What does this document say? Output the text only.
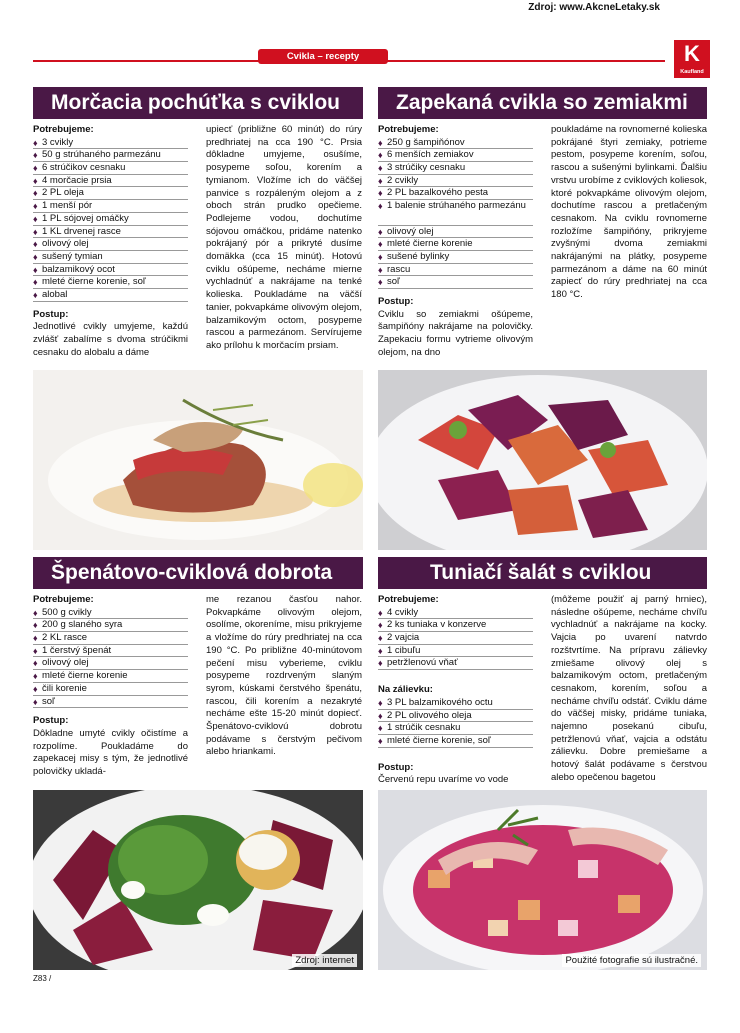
Zdroj: www.AkcneLetaky.sk
Cvikla – recepty	K
Kaufland
Morčacia pochúťka s cviklou
Potrebujeme:
♦ 3 cvikly
♦ 50 g strúhaného parmezánu
♦ 6 strúčikov cesnaku
♦ 4 morčacie prsia
♦ 2 PL oleja
♦ 1 menší pór
♦ 1 PL sójovej omáčky
♦ 1 KL drvenej rasce
♦ olivový olej
♦ sušený tymian
♦ balzamikový ocot
♦ mleté čierne korenie, soľ
♦ alobal
Postup:

Jednotlivé cvikly umyjeme, každú zvlášť zabalíme s dvoma strúčikmi cesnaku do alobalu a dáme

upiecť (približne 60 minút) do rúry predhriatej na cca 190 °C. Prsia dôkladne umyjeme, osušíme, posypeme soľou, korením a tymianom. Vložíme ich do väčšej panvice s rozpáleným olejom a z oboch strán prudko opečieme. Podlejeme vodou, dochutíme sójovou omáčkou, pridáme natenko pokrájaný pór a prikryté dusíme domäkka (cca 15 minút). Hotovú cviklu ošúpeme, necháme mierne vychladnúť a nakrájame na tenké kolieska. Poukladáme na väčší tanier, pokvapkáme olivovým olejom, balzamikovým octom, posypeme rascou a parmezánom. Servírujeme ako prílohu k morčacím prsiam.

Zapekaná cvikla so zemiakmi
Potrebujeme:
♦ 250 g šampiňónov
♦ 6 menších zemiakov
♦ 3 strúčiky cesnaku
♦ 2 cvikly
♦ 2 PL bazalkového pesta
♦ 1 balenie strúhaného parmezánu
♦ olivový olej
♦ mleté čierne korenie
♦ sušené bylinky
♦ rascu
♦ soľ
Postup:

Cviklu so zemiakmi ošúpeme, šampiňóny nakrájame na polovičky. Zapekaciu formu vytrieme olivovým olejom, na dno

poukladáme na rovnomerné kolieska pokrájané štyri zemiaky, potrieme pestom, posypeme korením, soľou, rascou a sušenými bylinkami. Ďalšiu vrstvu urobíme z cviklových koliesok, ktoré pokvapkáme olivovým olejom, dochutíme rascou a pretlačeným cesnakom. Na cviklu rovnomerne rozložíme šampiňóny, prikryjeme zvyšnými dvoma zemiakmi nakrájanými na plátky, posypeme parmezánom a dáme na 60 minút zapiecť do rúry predhriatej na cca 180 °C.

Špenátovo-cviklová dobrota
Potrebujeme:
♦ 500 g cvikly
♦ 200 g slaného syra
♦ 2 KL rasce
♦ 1 čerstvý špenát
♦ olivový olej
♦ mleté čierne korenie
♦ čili korenie
♦ soľ
Postup:

Dôkladne umyté cvikly očistíme a rozpolíme. Poukladáme do zapekacej misy s tým, že jednotlivé polovičky ukladá-

me rezanou časťou nahor. Pokvapkáme olivovým olejom, osolíme, okoreníme, misu prikryjeme a vložíme do rúry predhriatej na cca 190 °C. Po približne 40-minútovom pečení misu vyberieme, cviklu posypeme rozdrveným slaným syrom, kúskami čerstvého špenátu, rascou, čili korením a nezakryté necháme ešte 15-20 minút dopiecť. Špenátovo-cviklovú dobrotu podávame s čerstvým pečivom alebo hriankami.

Tuniačí šalát s cviklou
Potrebujeme:
♦ 4 cvikly
♦ 2 ks tuniaka v konzerve
♦ 2 vajcia
♦ 1 cibuľu
♦ petržlenovú vňať
Na zálievku:
♦ 3 PL balzamikového octu
♦ 2 PL olivového oleja
♦ 1 strúčik cesnaku
♦ mleté čierne korenie, soľ
Postup:

Červenú repu uvaríme vo vode

(môžeme použiť aj parný hrniec), následne ošúpeme, necháme chvíľu vychladnúť a nakrájame na kocky. Vajcia po uvarení natvrdo rozštvrtíme. Na prípravu zálievky zmiešame olivový olej s balzamikovým octom, pretlačeným cesnakom, korením, soľou a necháme chvíľu odstáť. Cviklu dáme do väčšej misky, pridáme tuniaka, najemno posekanú cibuľu, petržlenovú vňať, vajcia a odstátu zálievku. Dobre premiešame a hotový šalát podávame s čerstvou alebo opečenou bagetou

Zdroj: internet	Použité fotografie sú ilustračné.
Z83 /
